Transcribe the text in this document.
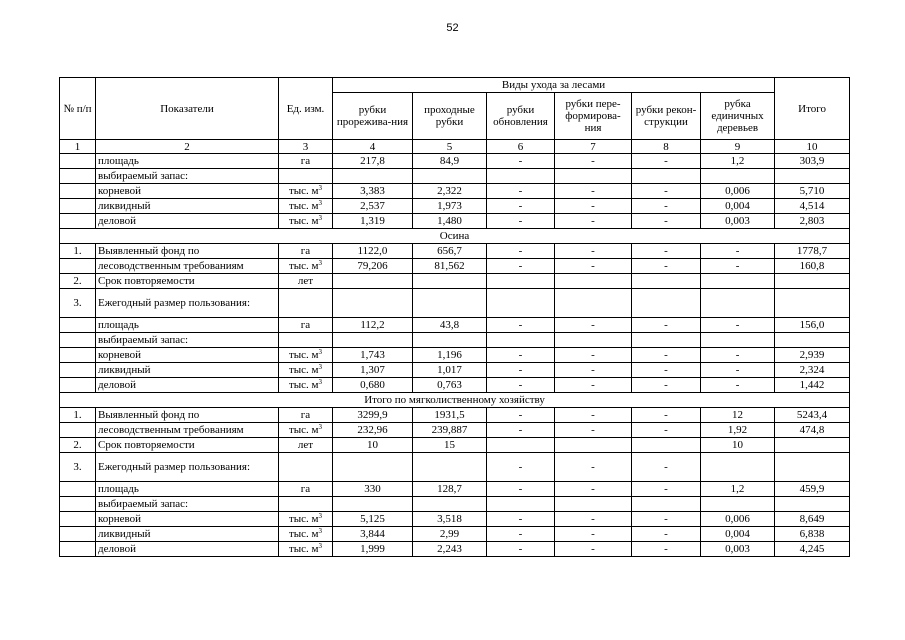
52
№ п/п	Показатели	Ед. изм.	Виды ухода за лесами						Итого
			рубки прорежива-ния	проходные рубки	рубки обновления	рубки пере-формирова-ния	рубки рекон-струкции	рубка единичных деревьев	
1	2	3	4	5	6	7	8	9	10
	площадь	га	217,8	84,9	-	-	-	1,2	303,9
	выбираемый запас:								
	корневой	тыс. $м^3$	3,383	2,322	-	-	-	0,006	5,710
	ликвидный	тыс. $м^3$	2,537	1,973	-	-	-	0,004	4,514
	деловой	тыс. $м^3$	1,319	1,480	-	-	-	0,003	2,803
Осина									
1.	Выявленный фонд по	га	1122,0	656,7	-	-	-	-	1778,7
	лесоводственным требованиям	тыс. $м^3$	79,206	81,562	-	-	-	-	160,8
2.	Срок повторяемости	лет							
3.	Ежегодный размер пользования:								
	площадь	га	112,2	43,8	-	-	-	-	156,0
	выбираемый запас:								
	корневой	тыс. $м^3$	1,743	1,196	-	-	-	-	2,939
	ликвидный	тыс. $м^3$	1,307	1,017	-	-	-	-	2,324
	деловой	тыс. $м^3$	0,680	0,763	-	-	-	-	1,442
Итого по мягколиственному хозяйству									
1.	Выявленный фонд по	га	3299,9	1931,5	-	-	-	12	5243,4
	лесоводственным требованиям	тыс. $м^3$	232,96	239,887	-	-	-	1,92	474,8
2.	Срок повторяемости	лет	10	15				10	
3.	Ежегодный размер пользования:				-	-	-		
	площадь	га	330	128,7	-	-	-	1,2	459,9
	выбираемый запас:								
	корневой	тыс. $м^3$	5,125	3,518	-	-	-	0,006	8,649
	ликвидный	тыс. $м^3$	3,844	2,99	-	-	-	0,004	6,838
	деловой	тыс. $м^3$	1,999	2,243	-	-	-	0,003	4,245
